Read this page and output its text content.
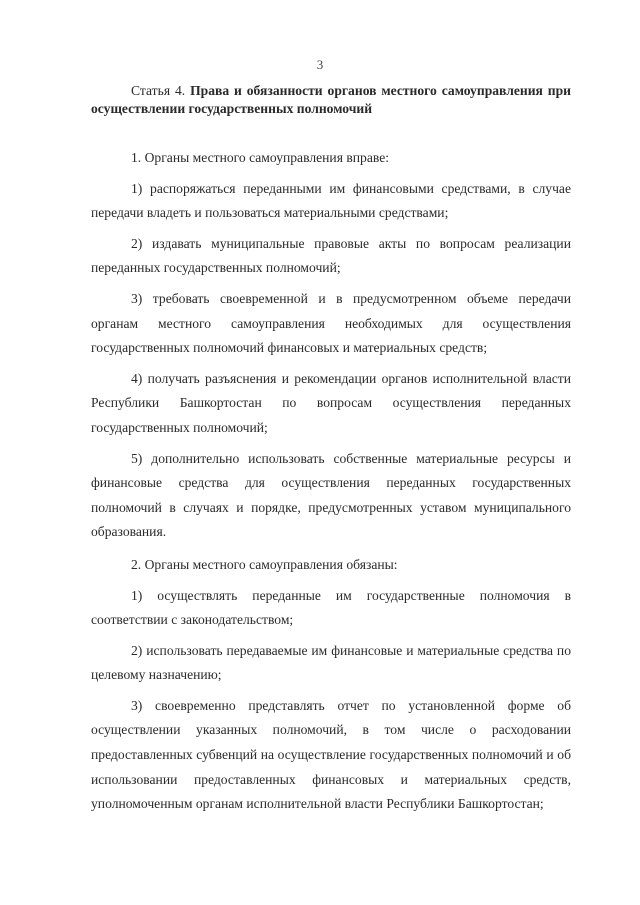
3

Статья 4. Права и обязанности органов местного самоуправления при осуществлении государственных полномочий

1. Органы местного самоуправления вправе:

1) распоряжаться переданными им финансовыми средствами, в случае передачи владеть и пользоваться материальными средствами;

2) издавать муниципальные правовые акты по вопросам реализации переданных государственных полномочий;

3) требовать своевременной и в предусмотренном объеме передачи органам местного самоуправления необходимых для осуществления государственных полномочий финансовых и материальных средств;

4) получать разъяснения и рекомендации органов исполнительной власти Республики Башкортостан по вопросам осуществления переданных государственных полномочий;

5) дополнительно использовать собственные материальные ресурсы и финансовые средства для осуществления переданных государственных полномочий в случаях и порядке, предусмотренных уставом муниципального образования.

2. Органы местного самоуправления обязаны:

1) осуществлять переданные им государственные полномочия в соответствии с законодательством;

2) использовать передаваемые им финансовые и материальные средства по целевому назначению;

3) своевременно представлять отчет по установленной форме об осуществлении указанных полномочий, в том числе о расходовании предоставленных субвенций на осуществление государственных полномочий и об использовании предоставленных финансовых и материальных средств, уполномоченным органам исполнительной власти Республики Башкортостан;
